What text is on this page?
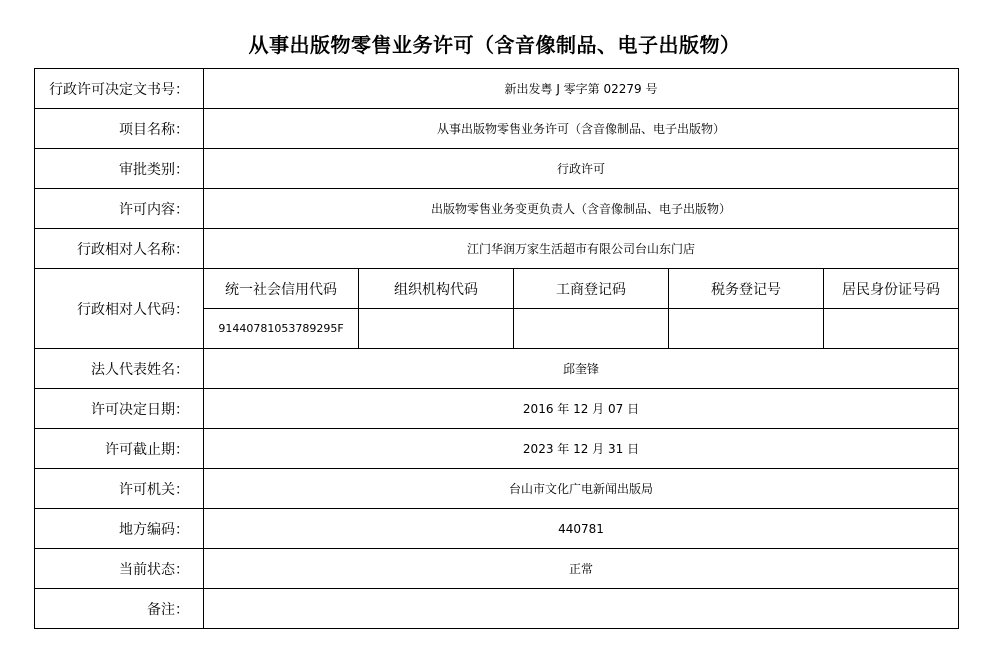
从事出版物零售业务许可（含音像制品、电子出版物）
行政许可决定文书号：	新出发粤 J 零字第 02279 号				
项目名称：	从事出版物零售业务许可（含音像制品、电子出版物）				
审批类别：	行政许可				
许可内容：	出版物零售业务变更负责人（含音像制品、电子出版物）				
行政相对人名称：	江门华润万家生活超市有限公司台山东门店				
行政相对人代码：	统一社会信用代码	组织机构代码	工商登记码	税务登记号	居民身份证号码
	91440781053789295F				
法人代表姓名：	邱奎锋				
许可决定日期：	2016 年 12 月 07 日				
许可截止期：	2023 年 12 月 31 日				
许可机关：	台山市文化广电新闻出版局				
地方编码：	440781				
当前状态：	正常				
备注：					
